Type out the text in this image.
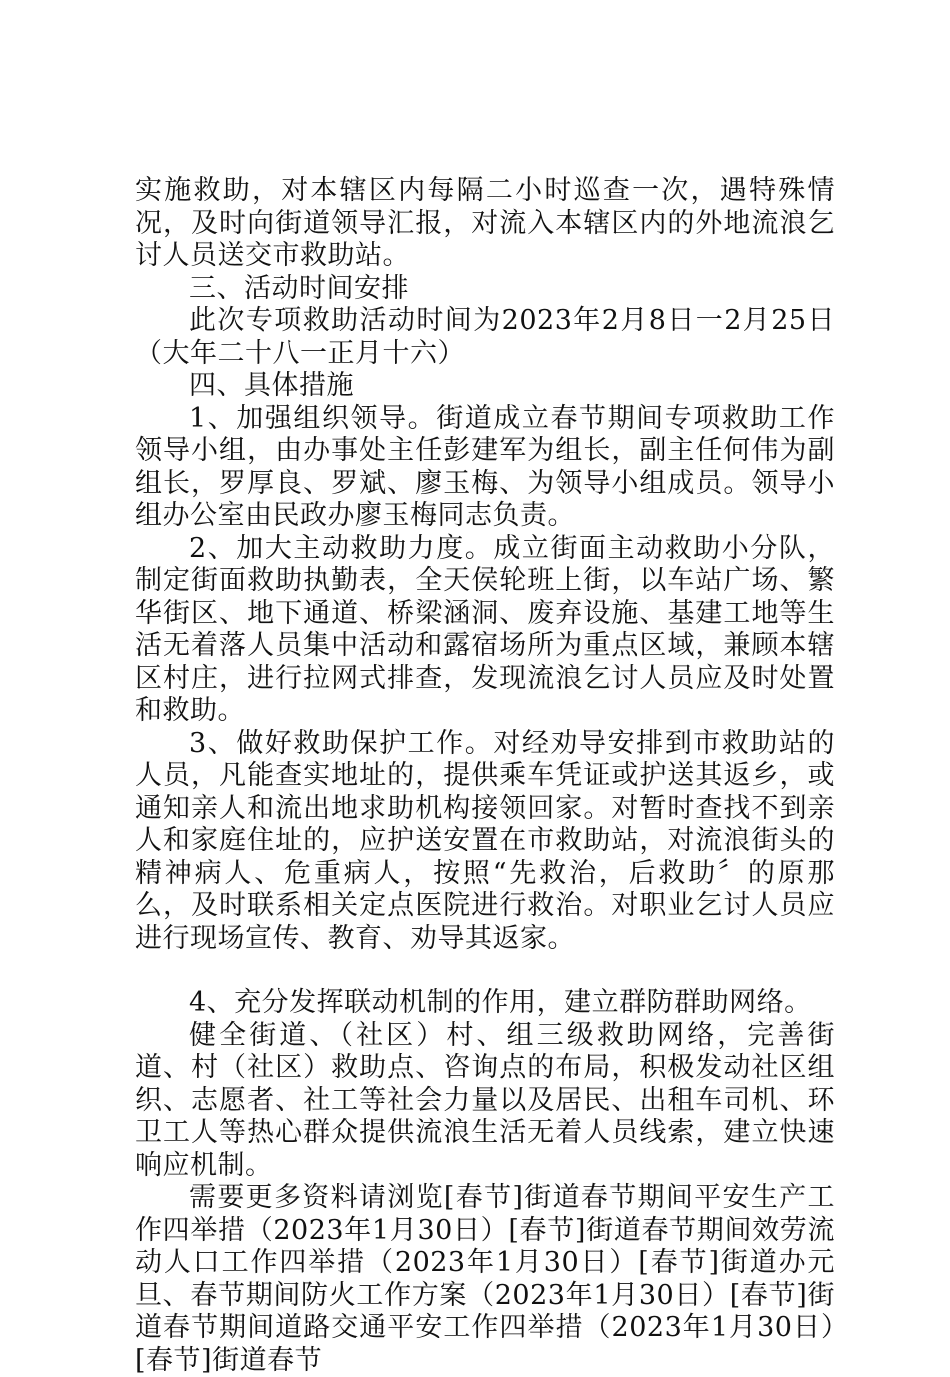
实施救助，对本辖区内每隔二小时巡查一次，遇特殊情况，及时向街道领导汇报，对流入本辖区内的外地流浪乞讨人员送交市救助站。

三、活动时间安排

此次专项救助活动时间为2023年2月8日一2月25日（大年二十八一正月十六）

四、具体措施

1、加强组织领导。街道成立春节期间专项救助工作领导小组，由办事处主任彭建军为组长，副主任何伟为副组长，罗厚良、罗斌、廖玉梅、为领导小组成员。领导小组办公室由民政办廖玉梅同志负责。

2、加大主动救助力度。成立街面主动救助小分队，制定街面救助执勤表，全天侯轮班上街，以车站广场、繁华街区、地下通道、桥梁涵洞、废弃设施、基建工地等生活无着落人员集中活动和露宿场所为重点区域，兼顾本辖区村庄，进行拉网式排查，发现流浪乞讨人员应及时处置和救助。

3、做好救助保护工作。对经劝导安排到市救助站的人员，凡能查实地址的，提供乘车凭证或护送其返乡，或通知亲人和流出地求助机构接领回家。对暂时查找不到亲人和家庭住址的，应护送安置在市救助站，对流浪街头的精神病人、危重病人，按照“先救治，后救助〞的原那么，及时联系相关定点医院进行救治。对职业乞讨人员应进行现场宣传、教育、劝导其返家。

4、充分发挥联动机制的作用，建立群防群助网络。

健全街道、（社区）村、组三级救助网络，完善街道、村（社区）救助点、咨询点的布局，积极发动社区组织、志愿者、社工等社会力量以及居民、出租车司机、环卫工人等热心群众提供流浪生活无着人员线索，建立快速响应机制。

需要更多资料请浏览[春节]街道春节期间平安生产工作四举措（2023年1月30日）[春节]街道春节期间效劳流动人口工作四举措（2023年1月30日）[春节]街道办元旦、春节期间防火工作方案（2023年1月30日）[春节]街道春节期间道路交通平安工作四举措（2023年1月30日）[春节]街道春节
